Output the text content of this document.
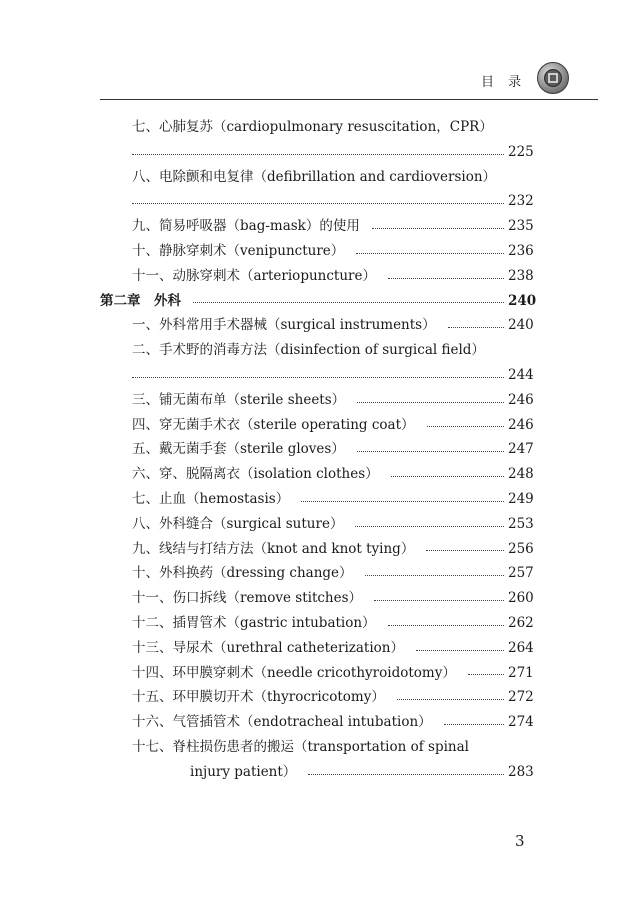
目 录
七、心肺复苏（cardiopulmonary resuscitation，CPR）
225
八、电除颤和电复律（defibrillation and cardioversion）
232
九、简易呼吸器（bag-mask）的使用	235
十、静脉穿刺术（venipuncture）	236
十一、动脉穿刺术（arteriopuncture）	238
第二章　外科	240
一、外科常用手术器械（surgical instruments）	240
二、手术野的消毒方法（disinfection of surgical field）
244
三、铺无菌布单（sterile sheets）	246
四、穿无菌手术衣（sterile operating coat）	246
五、戴无菌手套（sterile gloves）	247
六、穿、脱隔离衣（isolation clothes）	248
七、止血（hemostasis）	249
八、外科缝合（surgical suture）	253
九、线结与打结方法（knot and knot tying）	256
十、外科换药（dressing change）	257
十一、伤口拆线（remove stitches）	260
十二、插胃管术（gastric intubation）	262
十三、导尿术（urethral catheterization）	264
十四、环甲膜穿刺术（needle cricothyroidotomy）	271
十五、环甲膜切开术（thyrocricotomy）	272
十六、气管插管术（endotracheal intubation）	274
十七、脊柱损伤患者的搬运（transportation of spinal
injury patient）	283
3
